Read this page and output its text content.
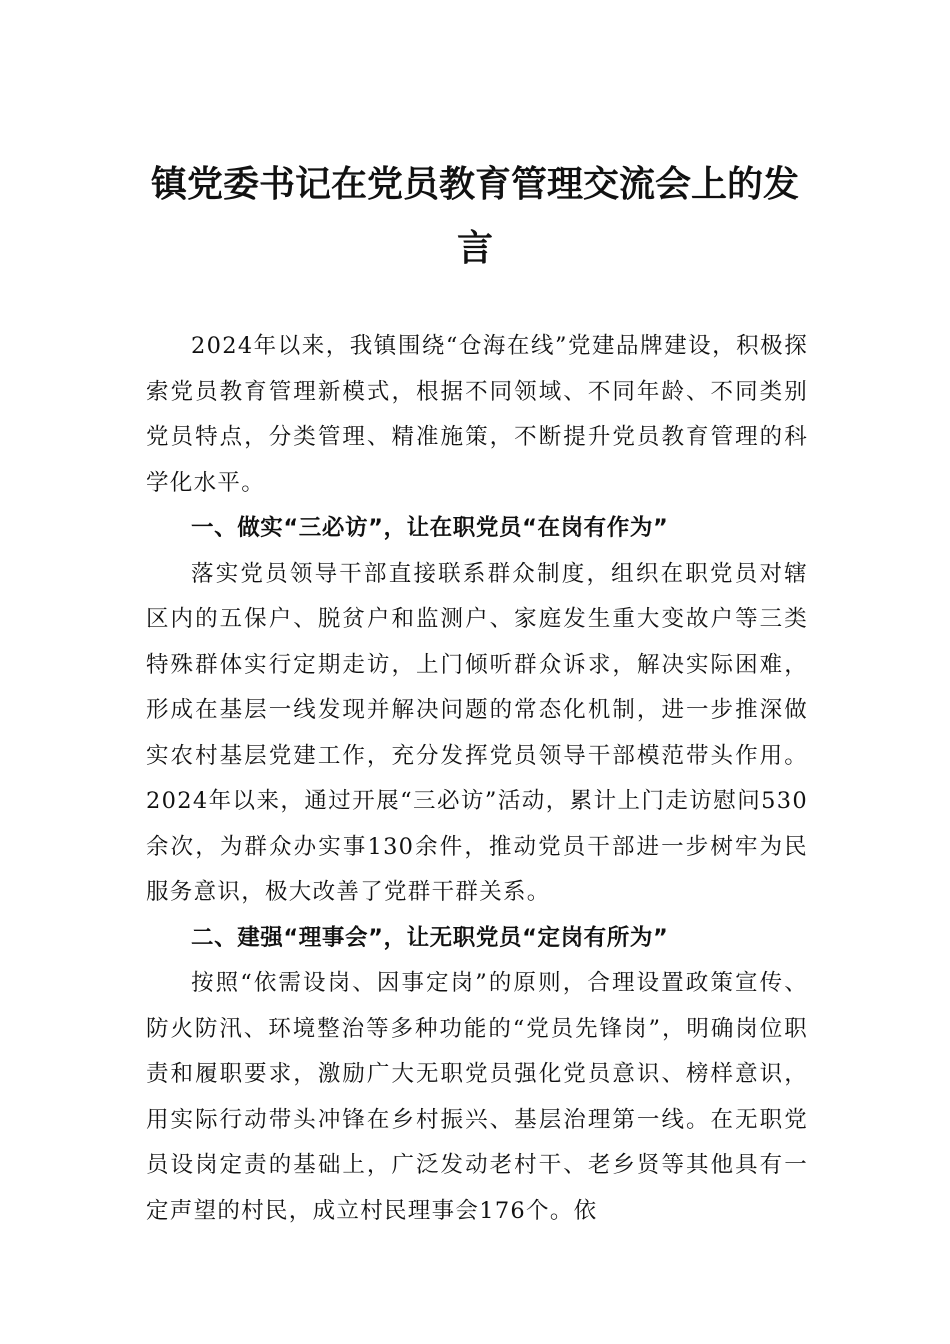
镇党委书记在党员教育管理交流会上的发言

2024年以来，我镇围绕“仓海在线”党建品牌建设，积极探索党员教育管理新模式，根据不同领域、不同年龄、不同类别党员特点，分类管理、精准施策，不断提升党员教育管理的科学化水平。

一、做实“三必访”，让在职党员“在岗有作为”

落实党员领导干部直接联系群众制度，组织在职党员对辖区内的五保户、脱贫户和监测户、家庭发生重大变故户等三类特殊群体实行定期走访，上门倾听群众诉求，解决实际困难，形成在基层一线发现并解决问题的常态化机制，进一步推深做实农村基层党建工作，充分发挥党员领导干部模范带头作用。2024年以来，通过开展“三必访”活动，累计上门走访慰问530余次，为群众办实事130余件，推动党员干部进一步树牢为民服务意识，极大改善了党群干群关系。

二、建强“理事会”，让无职党员“定岗有所为”

按照“依需设岗、因事定岗”的原则，合理设置政策宣传、防火防汛、环境整治等多种功能的“党员先锋岗”，明确岗位职责和履职要求，激励广大无职党员强化党员意识、榜样意识，用实际行动带头冲锋在乡村振兴、基层治理第一线。在无职党员设岗定责的基础上，广泛发动老村干、老乡贤等其他具有一定声望的村民，成立村民理事会176个。依
